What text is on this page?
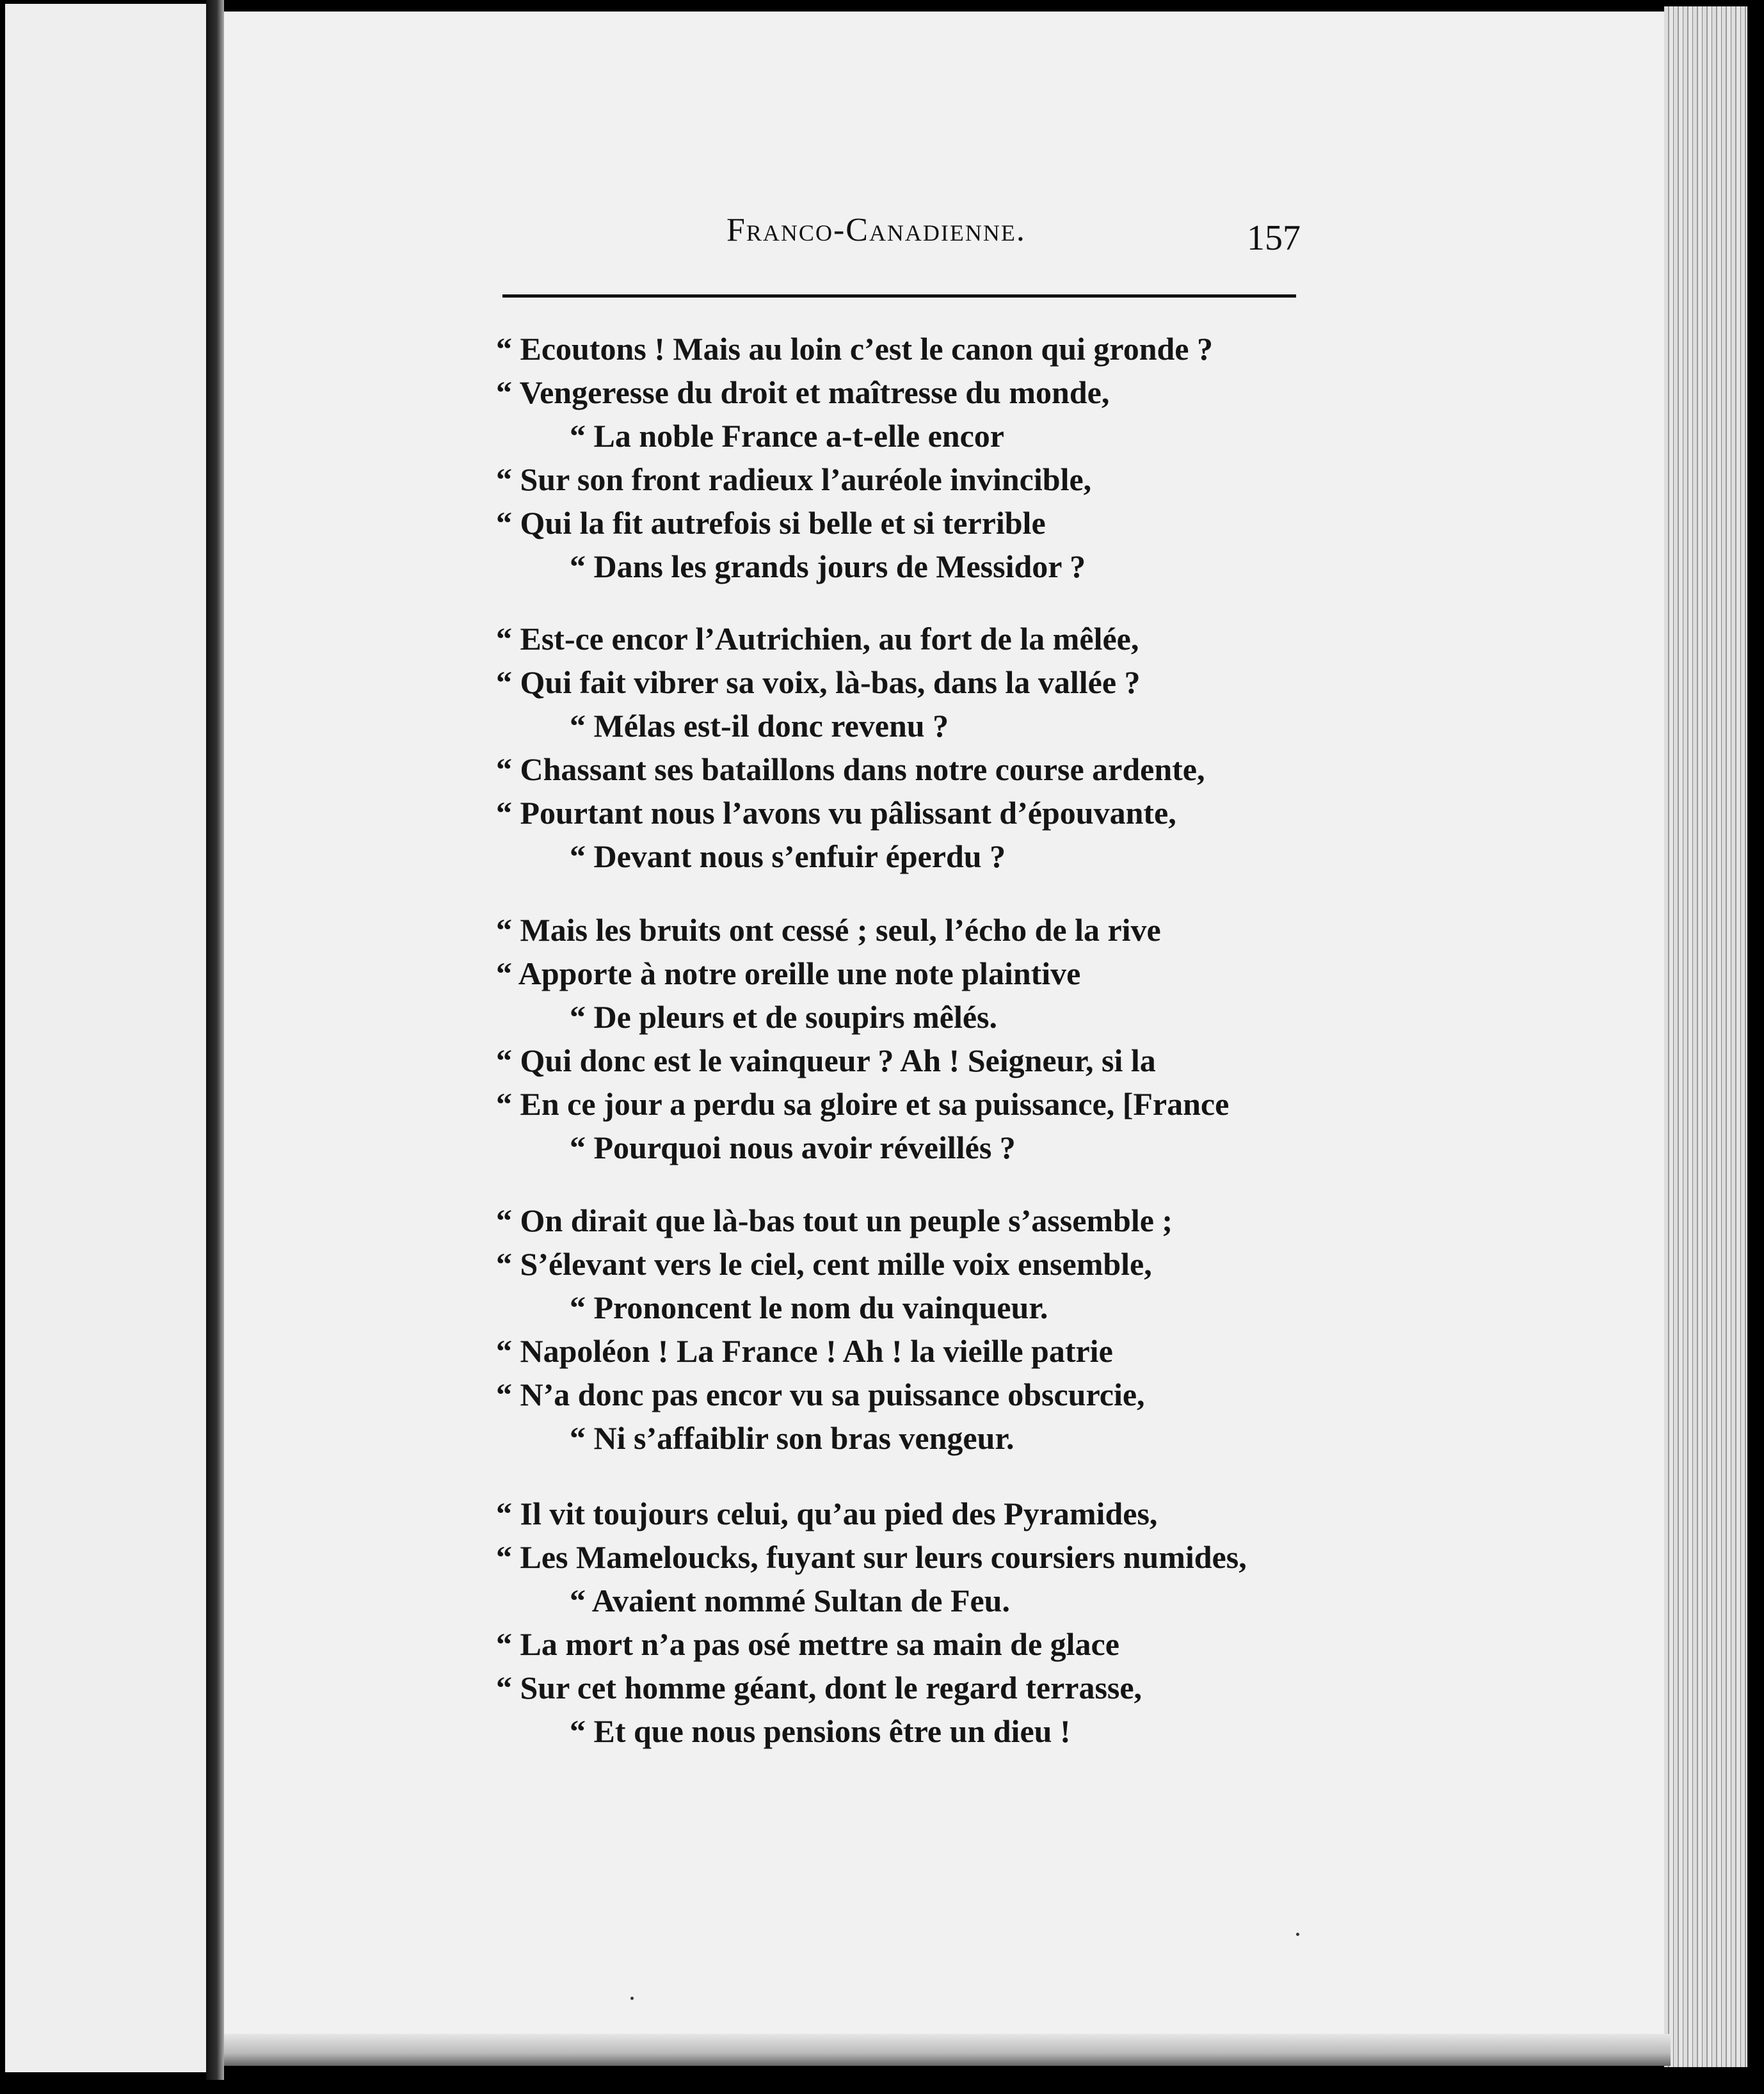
Franco-Canadienne.	157
“ Ecoutons ! Mais au loin c’est le canon qui gronde ?
“ Vengeresse du droit et maîtresse du monde,
“ La noble France a-t-elle encor
“ Sur son front radieux l’auréole invincible,
“ Qui la fit autrefois si belle et si terrible
“ Dans les grands jours de Messidor ?
“ Est-ce encor l’Autrichien, au fort de la mêlée,
“ Qui fait vibrer sa voix, là-bas, dans la vallée ?
“ Mélas est-il donc revenu ?
“ Chassant ses bataillons dans notre course ardente,
“ Pourtant nous l’avons vu pâlissant d’épouvante,
“ Devant nous s’enfuir éperdu ?
“ Mais les bruits ont cessé ; seul, l’écho de la rive
“ Apporte à notre oreille une note plaintive
“ De pleurs et de soupirs mêlés.
“ Qui donc est le vainqueur ? Ah ! Seigneur, si la
“ En ce jour a perdu sa gloire et sa puissance, [France
“ Pourquoi nous avoir réveillés ?
“ On dirait que là-bas tout un peuple s’assemble ;
“ S’élevant vers le ciel, cent mille voix ensemble,
“ Prononcent le nom du vainqueur.
“ Napoléon ! La France ! Ah ! la vieille patrie
“ N’a donc pas encor vu sa puissance obscurcie,
“ Ni s’affaiblir son bras vengeur.
“ Il vit toujours celui, qu’au pied des Pyramides,
“ Les Mameloucks, fuyant sur leurs coursiers numides,
“ Avaient nommé Sultan de Feu.
“ La mort n’a pas osé mettre sa main de glace
“ Sur cet homme géant, dont le regard terrasse,
“ Et que nous pensions être un dieu !
